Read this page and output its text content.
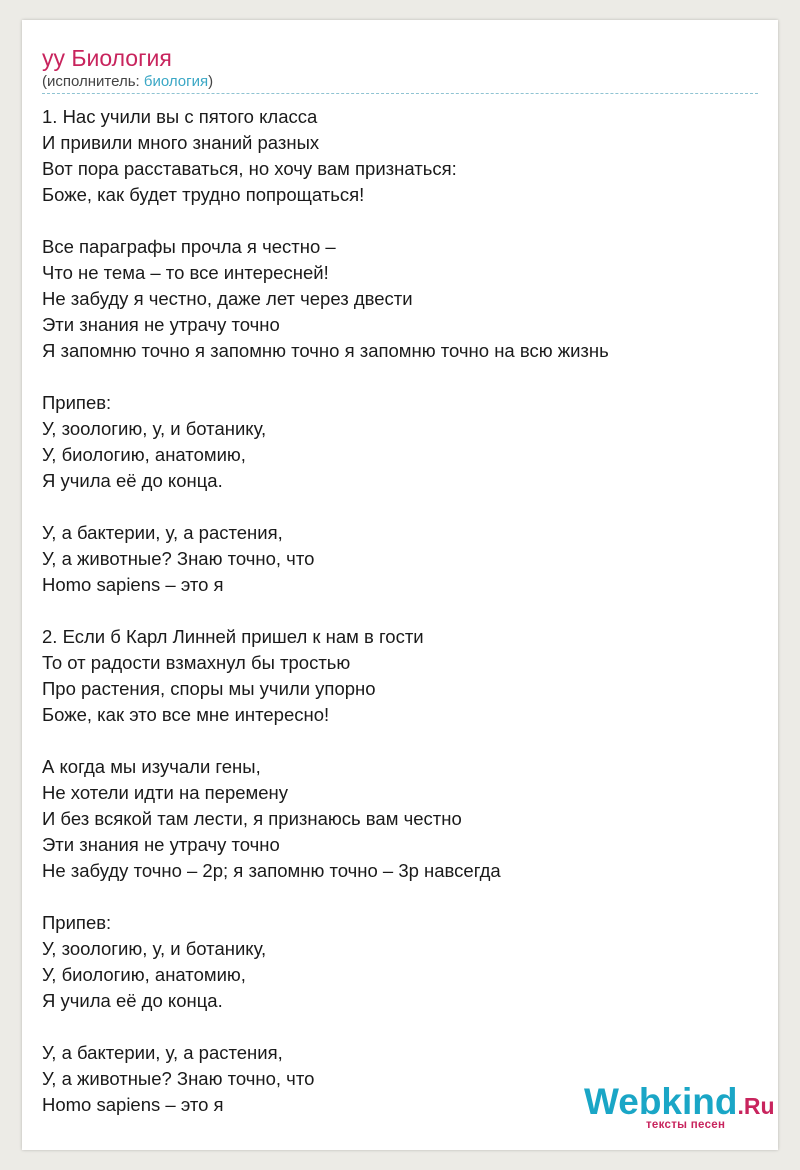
уу Биология
(исполнитель: биология)
1. Нас учили вы с пятого класса
И привили много знаний разных
Вот пора расставаться, но хочу вам признаться:
Боже, как будет трудно попрощаться!
Все параграфы прочла я честно –
Что не тема – то все интересней!
Не забуду я честно, даже лет через двести
Эти знания не утрачу точно
Я запомню точно я запомню точно я запомню точно на всю жизнь
Припев:
У, зоологию, у, и ботанику,
У, биологию, анатомию,
Я учила её до конца.
У, а бактерии, у, а растения,
У, а животные? Знаю точно, что
Homo sapiens – это я
2. Если б Карл Линней пришел к нам в гости
То от радости взмахнул бы тростью
Про растения, споры мы учили упорно
Боже, как это все мне интересно!
А когда мы изучали гены,
Не хотели идти на перемену
И без всякой там лести, я признаюсь вам честно
Эти знания не утрачу точно
Не забуду точно – 2р; я запомню точно – 3р навсегда
Припев:
У, зоологию, у, и ботанику,
У, биологию, анатомию,
Я учила её до конца.
У, а бактерии, у, а растения,
У, а животные? Знаю точно, что
Homo sapiens – это я	Webkind.Ru
тексты песен
